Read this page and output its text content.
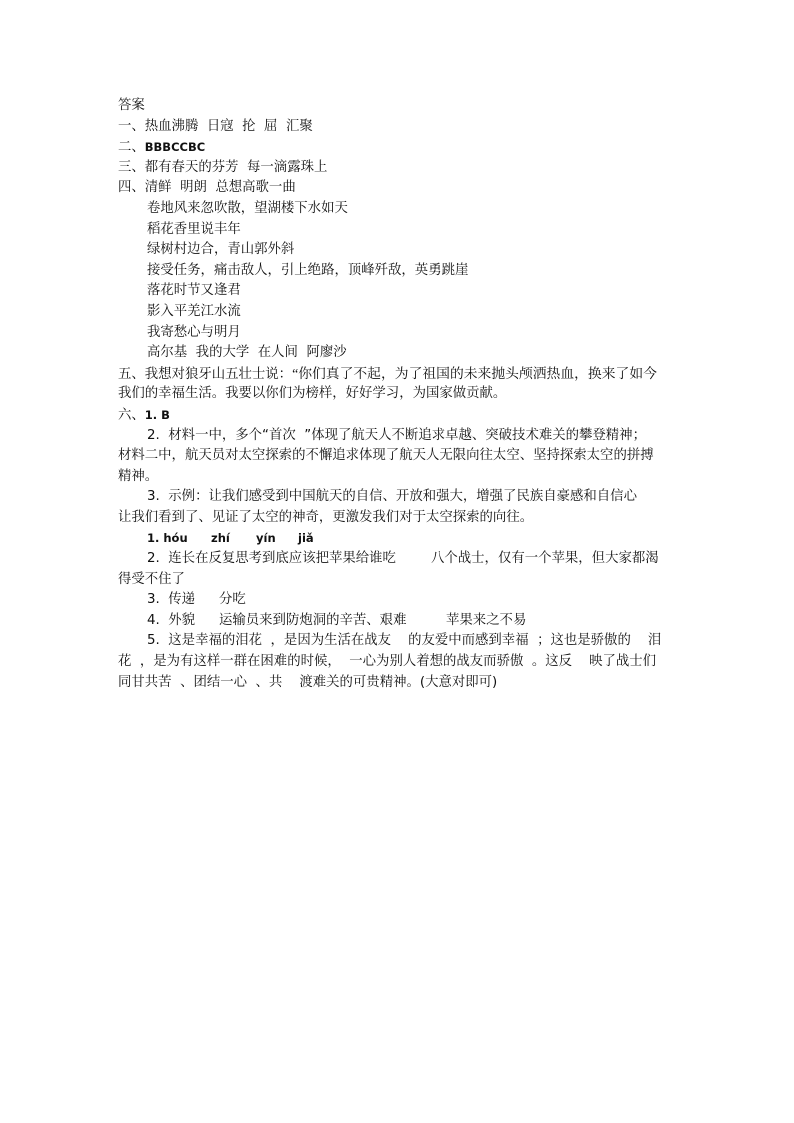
答案
一、热血沸腾  日寇  抡  屈  汇聚
二、BBBCCBC
三、都有春天的芬芳  每一滴露珠上
四、清鲜  明朗  总想高歌一曲
卷地风来忽吹散，望湖楼下水如天
稻花香里说丰年
绿树村边合，青山郭外斜
接受任务，痛击敌人，引上绝路，顶峰歼敌，英勇跳崖
落花时节又逢君
影入平羌江水流
我寄愁心与明月
高尔基  我的大学  在人间  阿廖沙
五、我想对狼牙山五壮士说：“你们真了不起，为了祖国的未来抛头颅洒热血，换来了如今
我们的幸福生活。我要以你们为榜样，好好学习，为国家做贡献。
六、1. B
2.  材料一中，多个“首次  ”体现了航天人不断追求卓越、突破技术难关的攀登精神；
材料二中，航天员对太空探索的不懈追求体现了航天人无限向往太空、坚持探索太空的拼搏
精神。
3.  示例：让我们感受到中国航天的自信、开放和强大，增强了民族自豪感和自信心
让我们看到了、见证了太空的神奇，更激发我们对于太空探索的向往。
1. hóu zhí yín jiǎ
2.  连长在反复思考到底应该把苹果给谁吃	八个战士，仅有一个苹果，但大家都渴
得受不住了
3.  传递 分吃
4.  外貌 运输员来到防炮洞的辛苦、艰难	苹果来之不易
5.  这是幸福的泪花  ，是因为生活在战友    的友爱中而感到幸福  ；这也是骄傲的    泪
花  ，是为有这样一群在困难的时候，  一心为别人着想的战友而骄傲  。这反    映了战士们
同甘共苦  、团结一心  、共    渡难关的可贵精神。(大意对即可)
